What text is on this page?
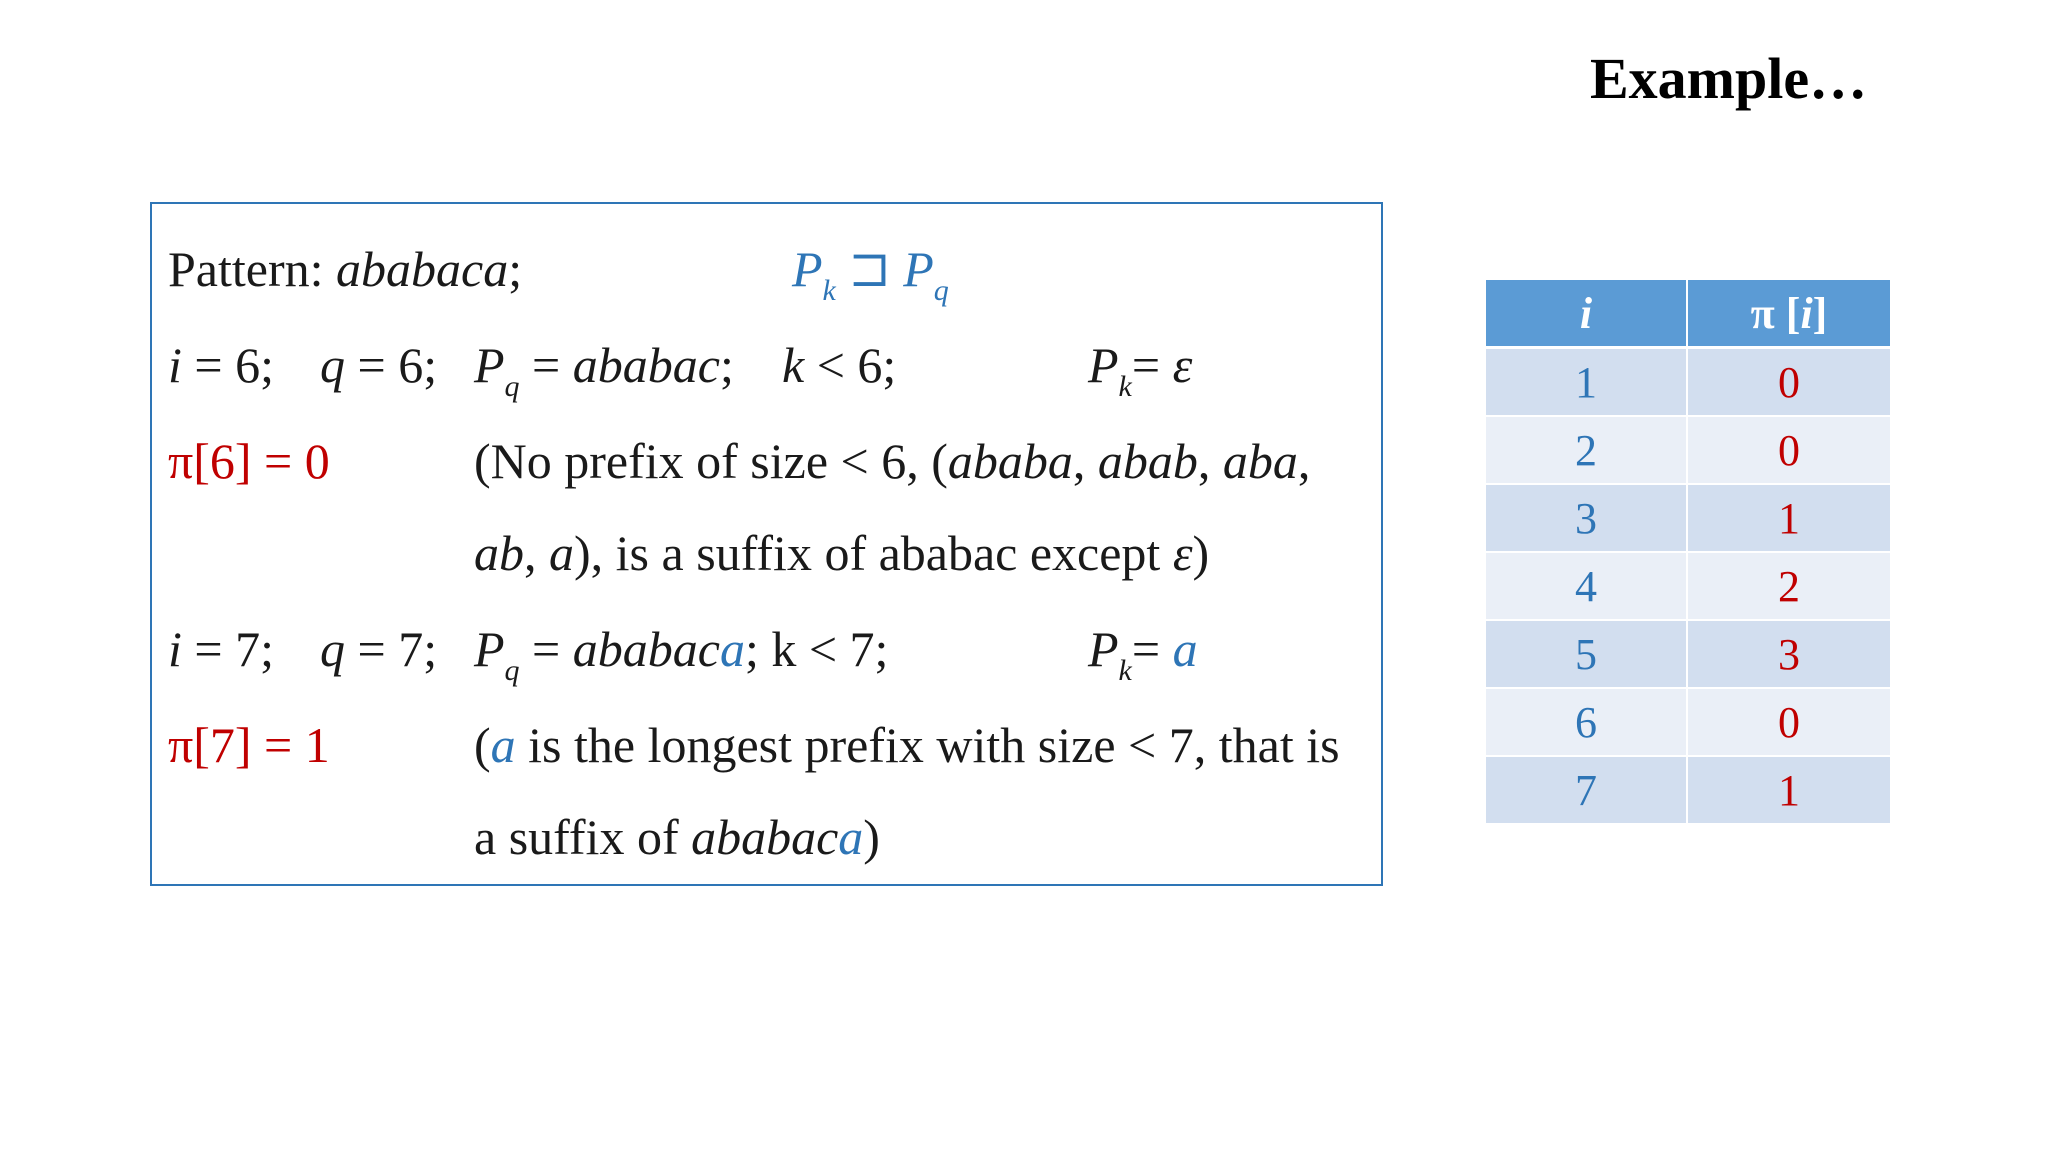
Example…
Pattern: ababaca;	$P_k$ ⊐ $P_q$
i = 6; q = 6; $P_q$ = ababac; k < 6;	$P_k= \varepsilon$
π[6] = 0	(No prefix of size < 6, (ababa, abab, aba,
ab, a), is a suffix of ababac except ε)
i = 7; q = 7; $P_q$ = ababaca; k < 7;	$P_k= a$
π[7] = 1	(a is the longest prefix with size < 7, that is
a suffix of ababaca)
i	π [i]
1	0
2	0
3	1
4	2
5	3
6	0
7	1
